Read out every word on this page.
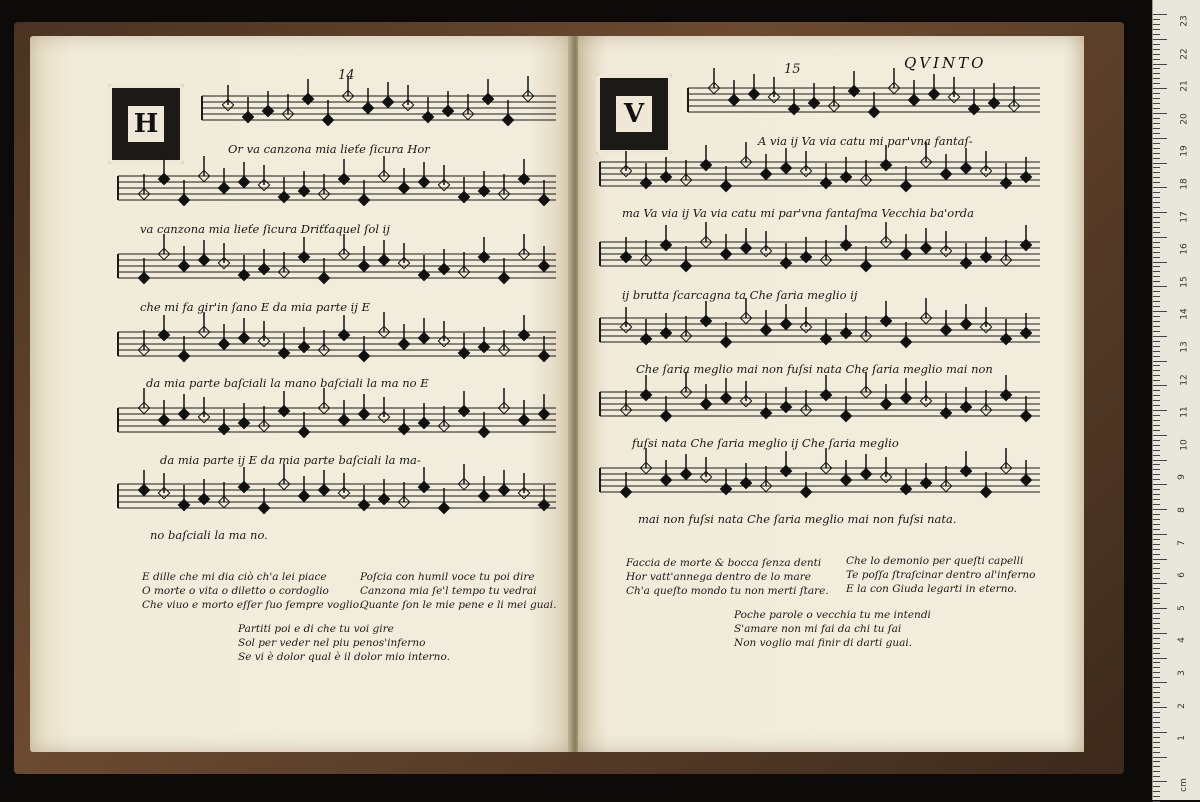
14
H
Or va canzona mia lieťe ſicura Hor
va canzona mia lieťe ſicura Driťťaquel ſol ij
che mi fa gir'in ſano E da mia parte ij E
da mia parte baſciali la mano baſciali la ma no E
da mia parte ij E da mia parte baſciali la ma-
no baſciali la ma no.
E dille che mi dia ciò ch'a lei piace
O morte o vita o diletto o cordoglio
Che viuo e morto eſſer ſuo ſempre voglio.
Poſcia con humil voce tu poi dire
Canzona mia ſe'l tempo tu vedrai
Quante ſon le mie pene e li mei guai.
Partiti poi e di che tu voi gire
Sol per veder nel piu penos'inferno
Se vi è dolor qual è il dolor mio interno.
15	QVINTO
V
A via ij Va via catu mi par'vna fantaſ-
ma Va via ij Va via catu mi par'vna fantaſma Vecchia ba'orda
ij brutta ſcarcagna ta Che ſaria meglio ij
Che ſaria meglio mai non fuſsi nata Che ſaria meglio mai non
fuſsi nata Che ſaria meglio ij Che ſaria meglio
mai non fuſsi nata Che ſaria meglio mai non fuſsi nata.
Faccia de morte & bocca ſenza denti
Hor vatt'annega dentro de lo mare
Ch'a queſto mondo tu non merti ſtare.
Che lo demonio per queſti capelli
Te poſſa ſtraſcinar dentro al'inferno
E la con Giuda legarti in eterno.
Poche parole o vecchia tu me intendi
S'amare non mi fai da chi tu ſai
Non voglio mai finir di darti guai.
cm
23
22
21
20
19
18
17
16
15
14
13
12
11
10
9
8
7
6
5
4
3
2
1
